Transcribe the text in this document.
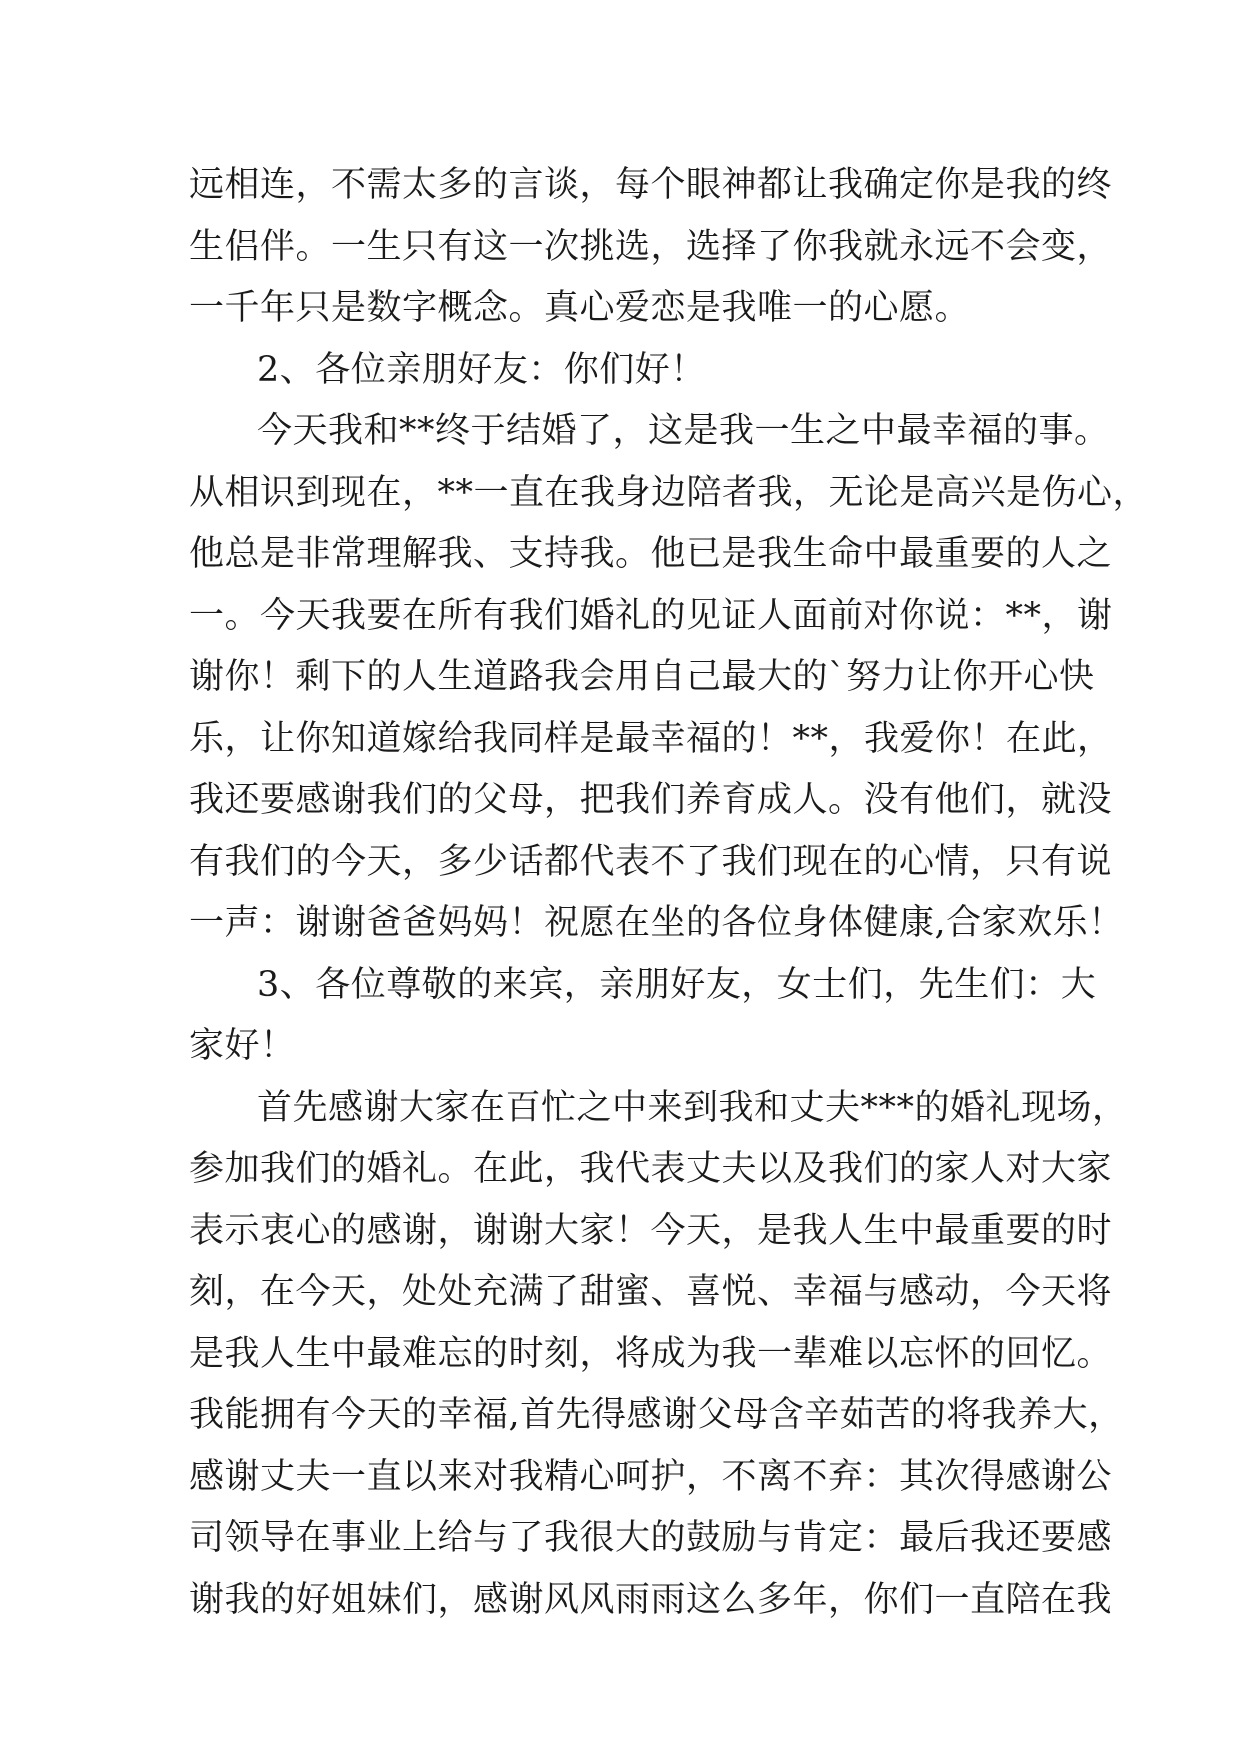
远相连，不需太多的言谈，每个眼神都让我确定你是我的终
生侣伴。一生只有这一次挑选，选择了你我就永远不会变，
一千年只是数字概念。真心爱恋是我唯一的心愿。
2、各位亲朋好友：你们好！
今天我和**终于结婚了，这是我一生之中最幸福的事。
从相识到现在，**一直在我身边陪者我，无论是高兴是伤心，
他总是非常理解我、支持我。他已是我生命中最重要的人之
一。今天我要在所有我们婚礼的见证人面前对你说：**，谢
谢你！剩下的人生道路我会用自己最大的`努力让你开心快
乐，让你知道嫁给我同样是最幸福的！**，我爱你！在此，
我还要感谢我们的父母，把我们养育成人。没有他们，就没
有我们的今天，多少话都代表不了我们现在的心情，只有说
一声：谢谢爸爸妈妈！祝愿在坐的各位身体健康,合家欢乐！
3、各位尊敬的来宾，亲朋好友，女士们，先生们：大
家好！
首先感谢大家在百忙之中来到我和丈夫***的婚礼现场，
参加我们的婚礼。在此，我代表丈夫以及我们的家人对大家
表示衷心的感谢，谢谢大家！今天，是我人生中最重要的时
刻，在今天，处处充满了甜蜜、喜悦、幸福与感动，今天将
是我人生中最难忘的时刻，将成为我一辈难以忘怀的回忆。
我能拥有今天的幸福,首先得感谢父母含辛茹苦的将我养大，
感谢丈夫一直以来对我精心呵护，不离不弃：其次得感谢公
司领导在事业上给与了我很大的鼓励与肯定：最后我还要感
谢我的好姐妹们，感谢风风雨雨这么多年，你们一直陪在我
